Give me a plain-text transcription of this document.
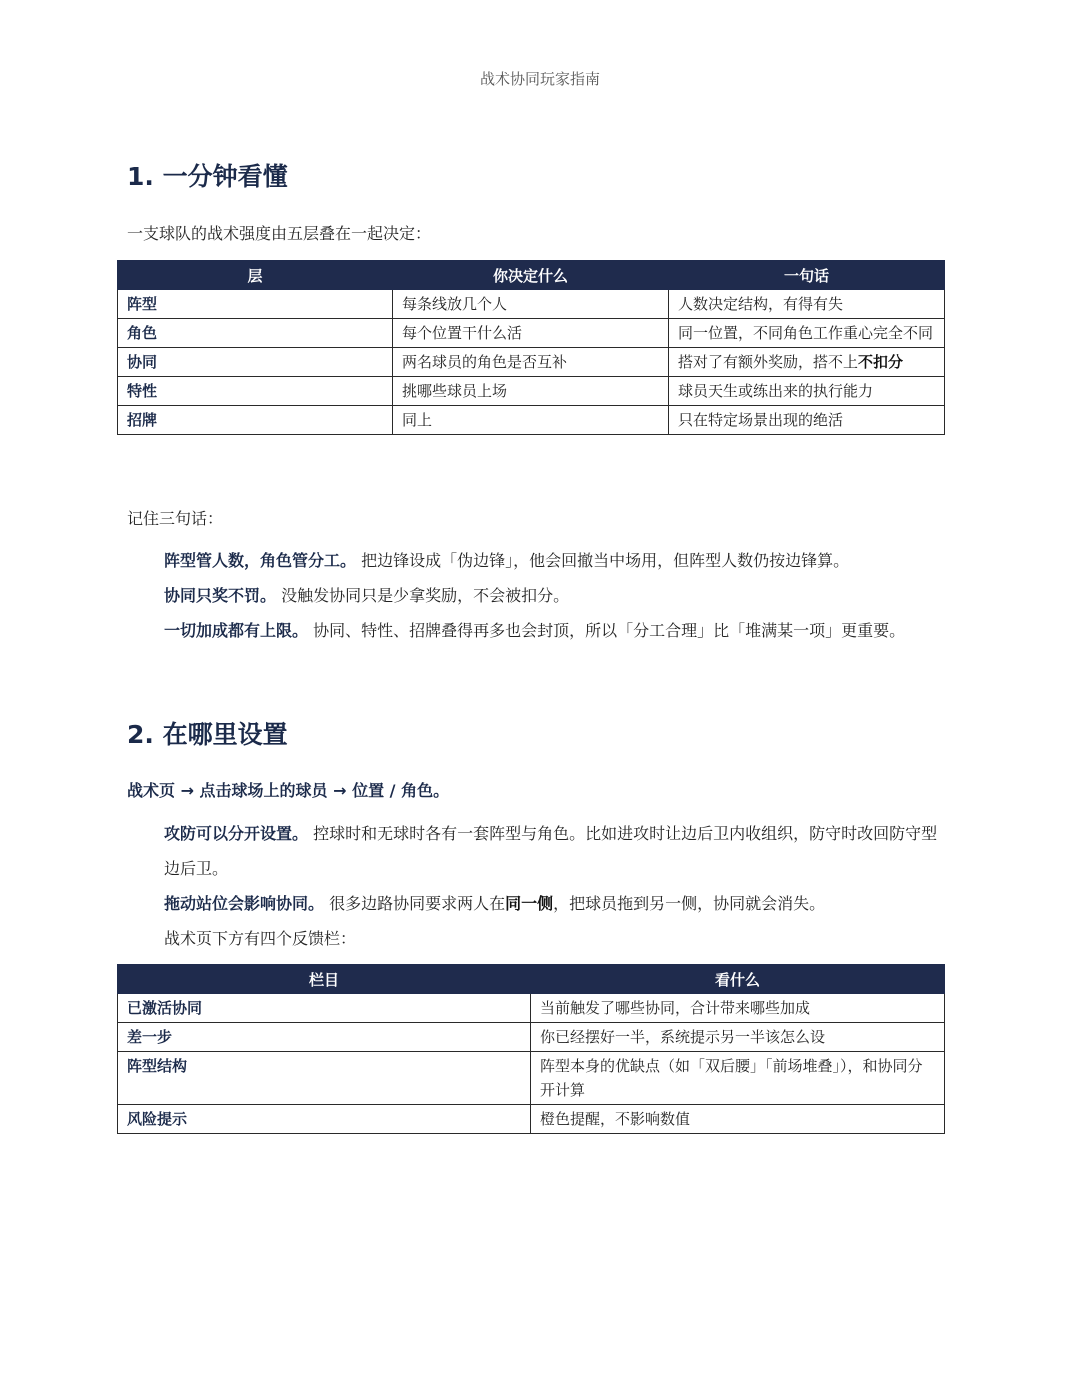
战术协同玩家指南
1. 一分钟看懂

一支球队的战术强度由五层叠在一起决定：

层	你决定什么	一句话
阵型	每条线放几个人	人数决定结构，有得有失
角色	每个位置干什么活	同一位置，不同角色工作重心完全不同
协同	两名球员的角色是否互补	搭对了有额外奖励，搭不上不扣分
特性	挑哪些球员上场	球员天生或练出来的执行能力
招牌	同上	只在特定场景出现的绝活

记住三句话：

阵型管人数，角色管分工。 把边锋设成「伪边锋」，他会回撤当中场用，但阵型人数仍按边锋算。

协同只奖不罚。 没触发协同只是少拿奖励，不会被扣分。

一切加成都有上限。 协同、特性、招牌叠得再多也会封顶，所以「分工合理」比「堆满某一项」更重要。

2. 在哪里设置

战术页 → 点击球场上的球员 → 位置 / 角色。

攻防可以分开设置。 控球时和无球时各有一套阵型与角色。比如进攻时让边后卫内收组织，防守时改回防守型边后卫。

拖动站位会影响协同。 很多边路协同要求两人在同一侧，把球员拖到另一侧，协同就会消失。

战术页下方有四个反馈栏：

栏目	看什么
已激活协同	当前触发了哪些协同，合计带来哪些加成
差一步	你已经摆好一半，系统提示另一半该怎么设
阵型结构	阵型本身的优缺点（如「双后腰」「前场堆叠」），和协同分开计算
风险提示	橙色提醒，不影响数值
